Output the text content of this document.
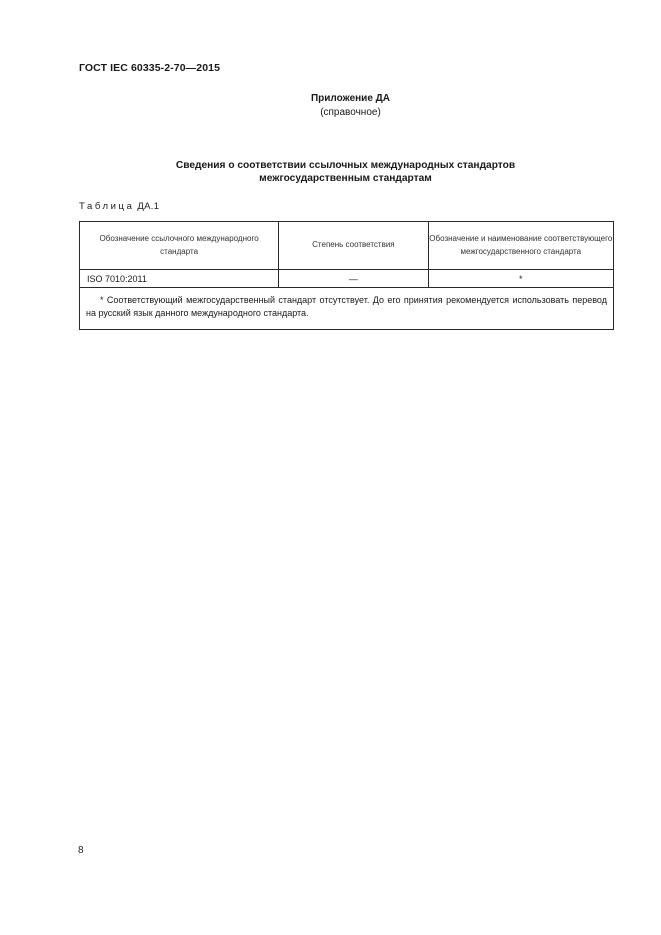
ГОСТ IEC 60335-2-70—2015
Приложение ДА
(справочное)
Сведения о соответствии ссылочных международных стандартов
межгосударственным стандартам
Таблица ДА.1
Обозначение ссылочного международного стандарта	Степень соответствия	Обозначение и наименование соответствующего межгосударственного стандарта
ISO 7010:2011	—	*

* Соответствующий межгосударственный стандарт отсутствует. До его принятия рекомендуется использовать перевод на русский язык данного международного стандарта.		
8
